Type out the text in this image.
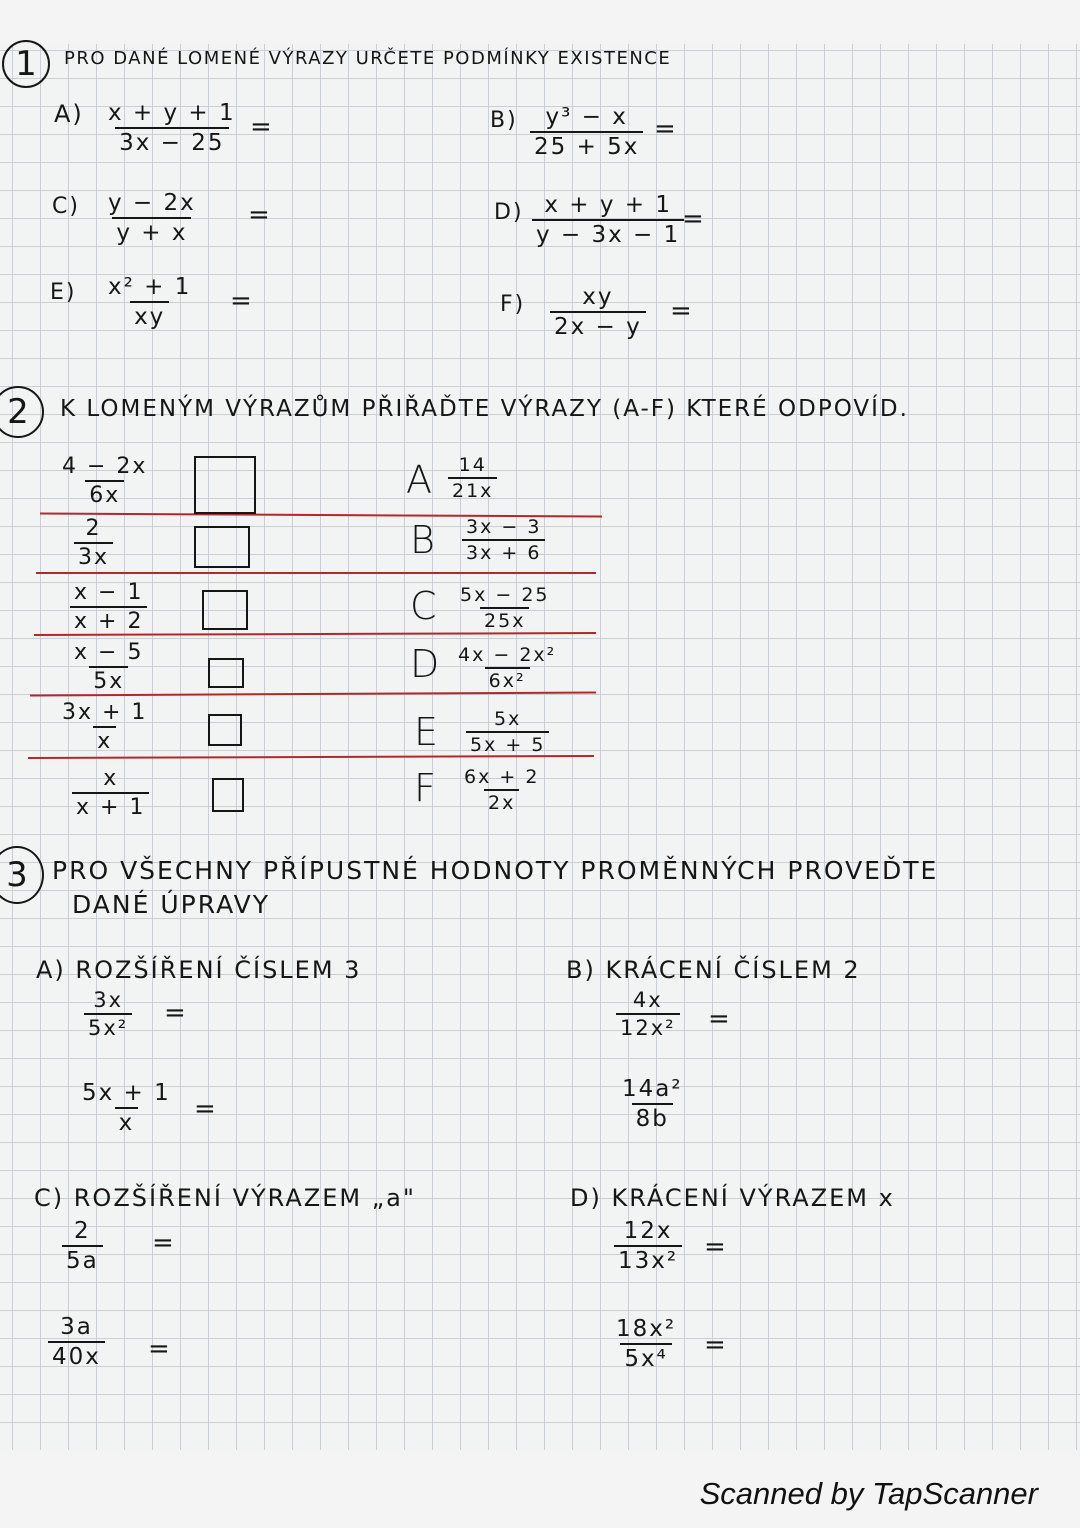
1	PRO DANÉ LOMENÉ VÝRAZY URČETE PODMÍNKY EXISTENCE
$A) \frac{x + y + 1}{3x - 25}$ =	$B) \frac{\text{y³ − x}}{25 + 5x}$ =
$C) \frac{y - 2x}{y + x}$ =	$D) \frac{x + y + 1}{y - 3x - 1}$
=
$E) \frac{\text{x² + 1}}{xy}$ =	$F) \frac{xy}{2x - y}$ =
2	K LOMENÝM VÝRAZŮM PŘIŘAĎTE VÝRAZY (A-F) KTERÉ ODPOVÍD.
$\frac{4 - 2x}{6x}$
$\frac{2}{3x}$
$\frac{x - 1}{x + 2}$
$\frac{x - 5}{5x}$
$\frac{3x + 1}{x}$
$\frac{x}{x + 1}$
A $\frac{14}{21x}$
B $\frac{3x - 3}{3x + 6}$
C $\frac{5x - 25}{25x}$
D $\frac{\text{4x − 2x²}}{\text{6x²}}$
E $\frac{5x}{5x + 5}$
F $\frac{6x + 2}{2x}$
3 PRO VŠECHNY PŘÍPUSTNÉ HODNOTY PROMĚNNÝCH PROVEĎTE
DANÉ ÚPRAVY
A) ROZŠÍŘENÍ ČÍSLEM 3
$\frac{3x}{\text{5x²}}$ =
$\frac{5x + 1}{x}$ =
B) KRÁCENÍ ČÍSLEM 2
$\frac{4x}{\text{12x²}}$ =
$\frac{\text{14a²}}{8b}$
C) ROZŠÍŘENÍ VÝRAZEM „a"
$\frac{2}{5a}$ =
$\frac{3a}{40x}$ =
D) KRÁCENÍ VÝRAZEM x
$\frac{12x}{\text{13x²}}$ =
$\frac{\text{18x²}}{\text{5x⁴}}$ =
Scanned by TapScanner
